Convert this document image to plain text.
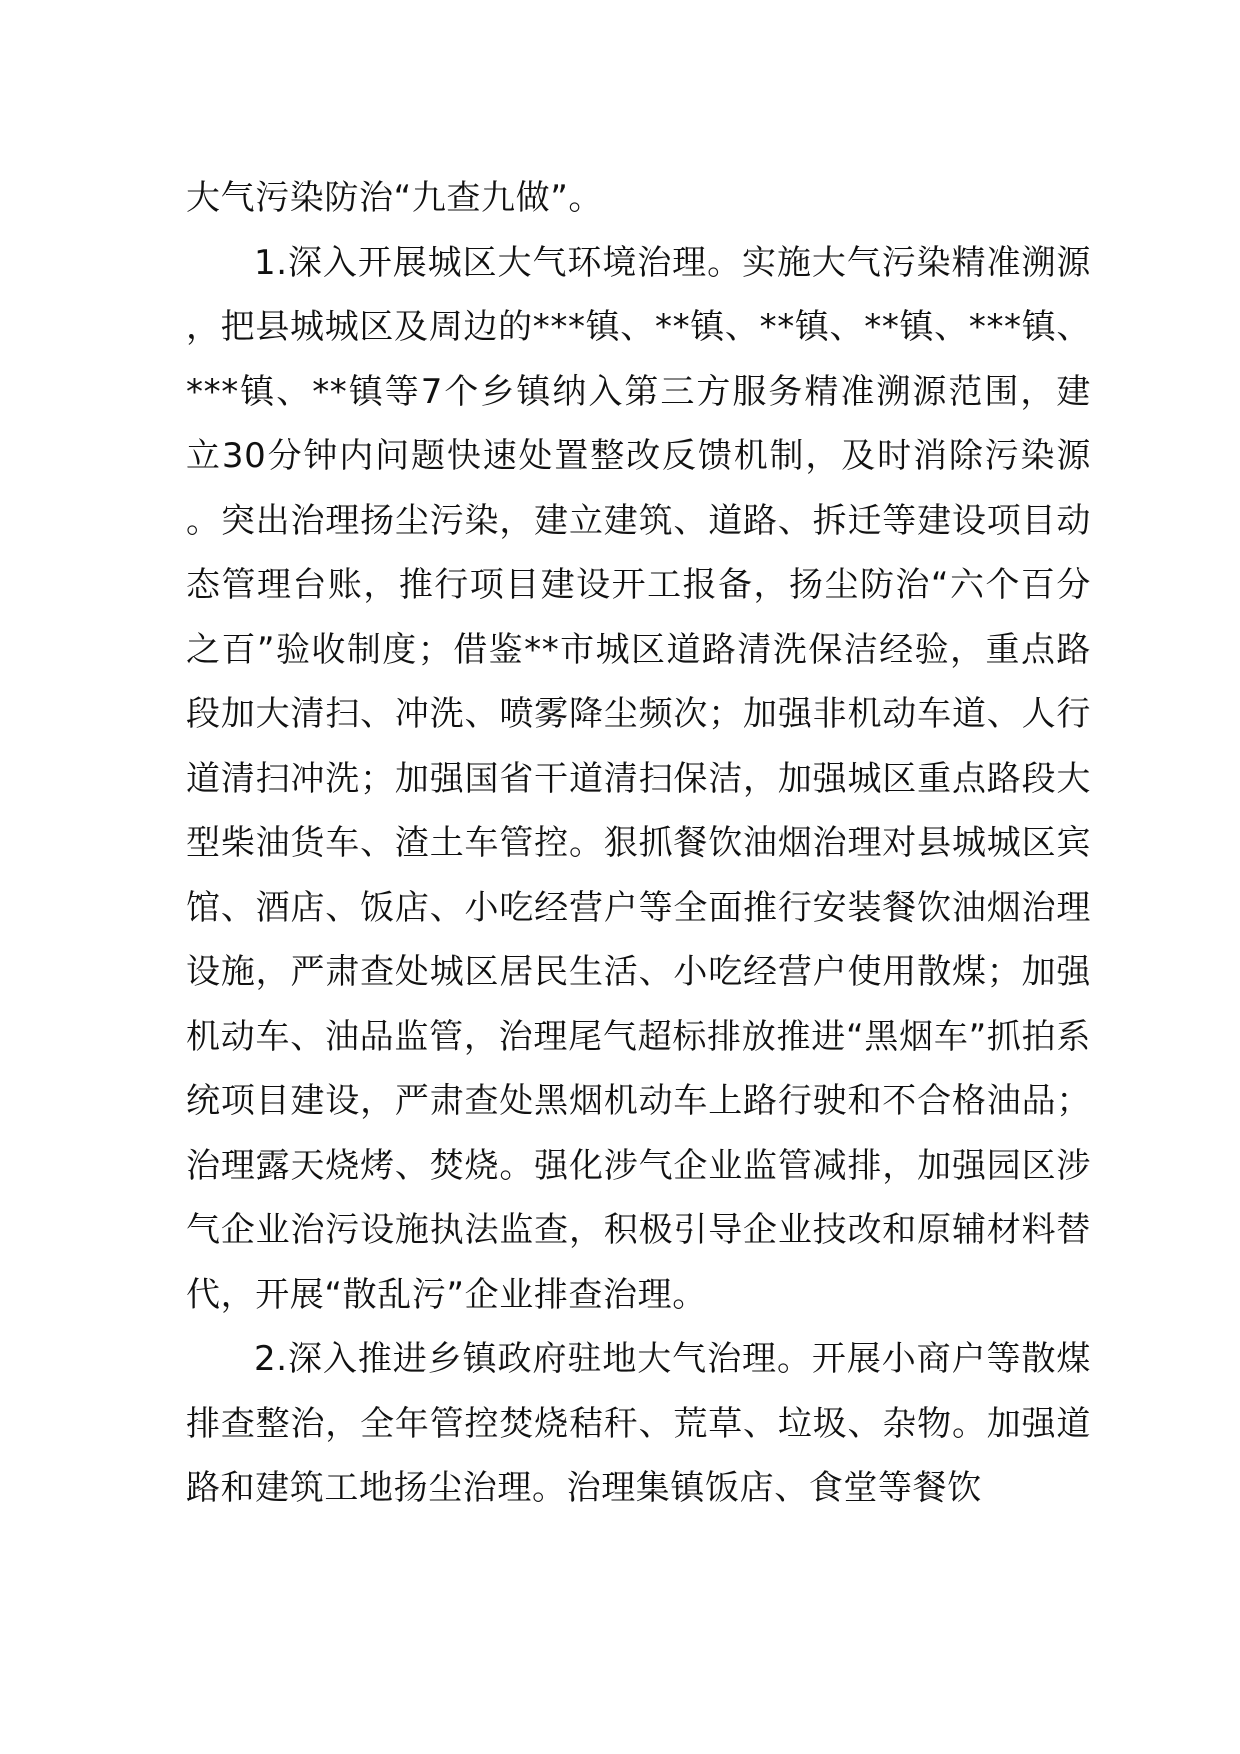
大气污染防治“九查九做”。

1.深入开展城区大气环境治理。实施大气污染精准溯源，把县城城区及周边的***镇、**镇、**镇、**镇、***镇、***镇、**镇等7个乡镇纳入第三方服务精准溯源范围，建立30分钟内问题快速处置整改反馈机制，及时消除污染源。突出治理扬尘污染，建立建筑、道路、拆迁等建设项目动态管理台账，推行项目建设开工报备，扬尘防治“六个百分之百”验收制度；借鉴**市城区道路清洗保洁经验，重点路段加大清扫、冲洗、喷雾降尘频次；加强非机动车道、人行道清扫冲洗；加强国省干道清扫保洁，加强城区重点路段大型柴油货车、渣土车管控。狠抓餐饮油烟治理对县城城区宾馆、酒店、饭店、小吃经营户等全面推行安装餐饮油烟治理设施，严肃查处城区居民生活、小吃经营户使用散煤；加强机动车、油品监管，治理尾气超标排放推进“黑烟车”抓拍系统项目建设，严肃查处黑烟机动车上路行驶和不合格油品；治理露天烧烤、焚烧。强化涉气企业监管减排，加强园区涉气企业治污设施执法监查，积极引导企业技改和原辅材料替代，开展“散乱污”企业排查治理。

2.深入推进乡镇政府驻地大气治理。开展小商户等散煤排查整治，全年管控焚烧秸秆、荒草、垃圾、杂物。加强道路和建筑工地扬尘治理。治理集镇饭店、食堂等餐饮
